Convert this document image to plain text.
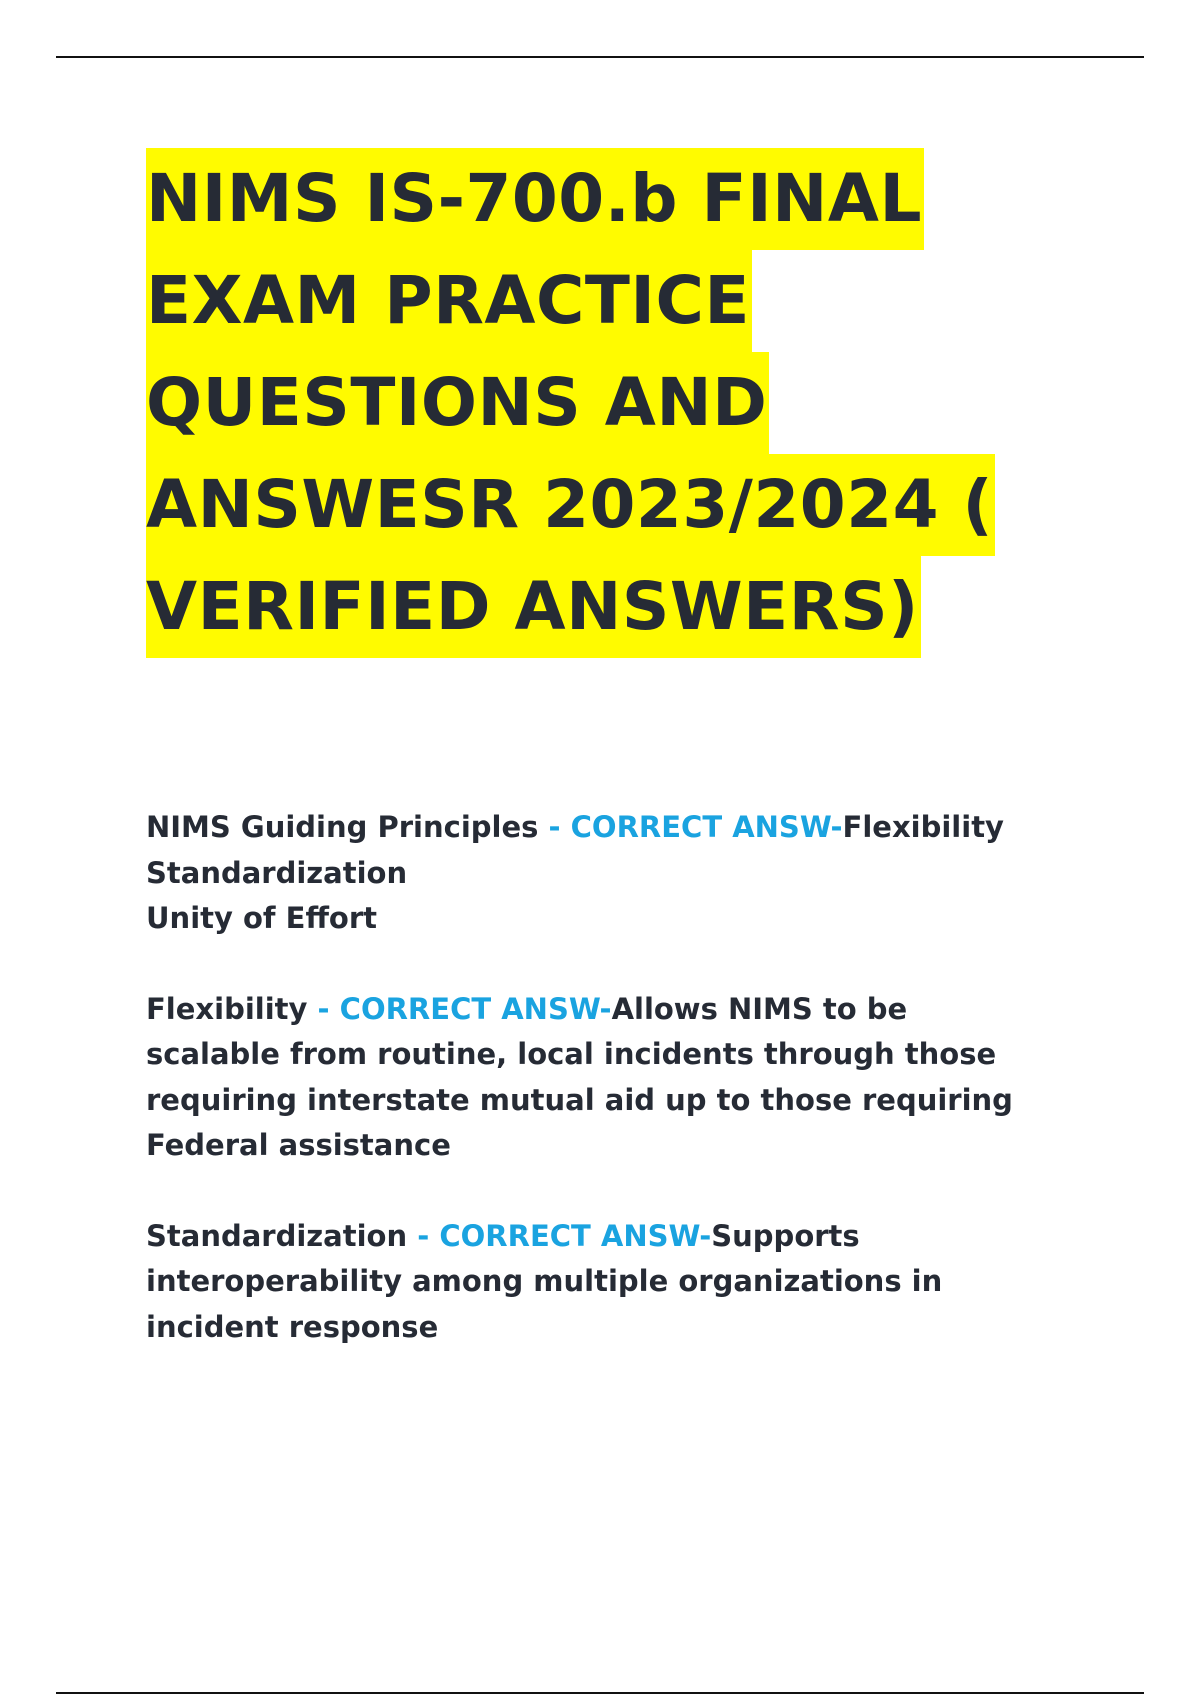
NIMS IS-700.b FINAL
EXAM PRACTICE
QUESTIONS AND
ANSWESR 2023/2024 (
VERIFIED ANSWERS)
NIMS Guiding Principles - CORRECT ANSW-Flexibility
Standardization
Unity of Effort
Flexibility - CORRECT ANSW-Allows NIMS to be
scalable from routine, local incidents through those
requiring interstate mutual aid up to those requiring
Federal assistance
Standardization - CORRECT ANSW-Supports
interoperability among multiple organizations in
incident response
